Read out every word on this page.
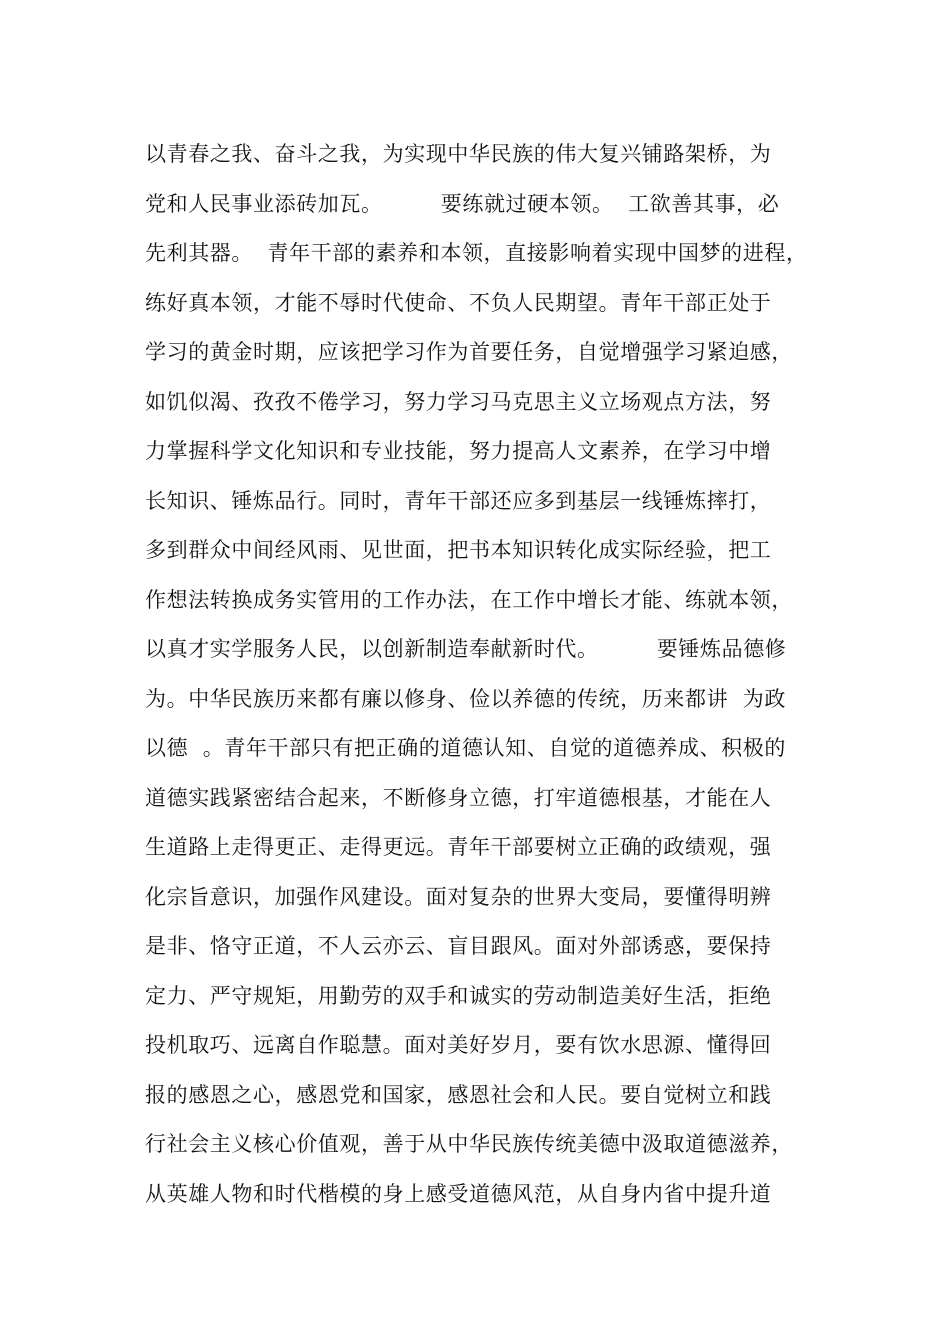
以青春之我、奋斗之我，为实现中华民族的伟大复兴铺路架桥，为
党和人民事业添砖加瓦。        要练就过硬本领。  工欲善其事，必
先利其器。  青年干部的素养和本领，直接影响着实现中国梦的进程，
练好真本领，才能不辱时代使命、不负人民期望。青年干部正处于
学习的黄金时期，应该把学习作为首要任务，自觉增强学习紧迫感，
如饥似渴、孜孜不倦学习，努力学习马克思主义立场观点方法，努
力掌握科学文化知识和专业技能，努力提高人文素养，在学习中增
长知识、锤炼品行。同时，青年干部还应多到基层一线锤炼摔打，
多到群众中间经风雨、见世面，把书本知识转化成实际经验，把工
作想法转换成务实管用的工作办法，在工作中增长才能、练就本领，
以真才实学服务人民，以创新制造奉献新时代。        要锤炼品德修
为。中华民族历来都有廉以修身、俭以养德的传统，历来都讲  为政
以德  。青年干部只有把正确的道德认知、自觉的道德养成、积极的
道德实践紧密结合起来，不断修身立德，打牢道德根基，才能在人
生道路上走得更正、走得更远。青年干部要树立正确的政绩观，强
化宗旨意识，加强作风建设。面对复杂的世界大变局，要懂得明辨
是非、恪守正道，不人云亦云、盲目跟风。面对外部诱惑，要保持
定力、严守规矩，用勤劳的双手和诚实的劳动制造美好生活，拒绝
投机取巧、远离自作聪慧。面对美好岁月，要有饮水思源、懂得回
报的感恩之心，感恩党和国家，感恩社会和人民。要自觉树立和践
行社会主义核心价值观，善于从中华民族传统美德中汲取道德滋养，
从英雄人物和时代楷模的身上感受道德风范，从自身内省中提升道
